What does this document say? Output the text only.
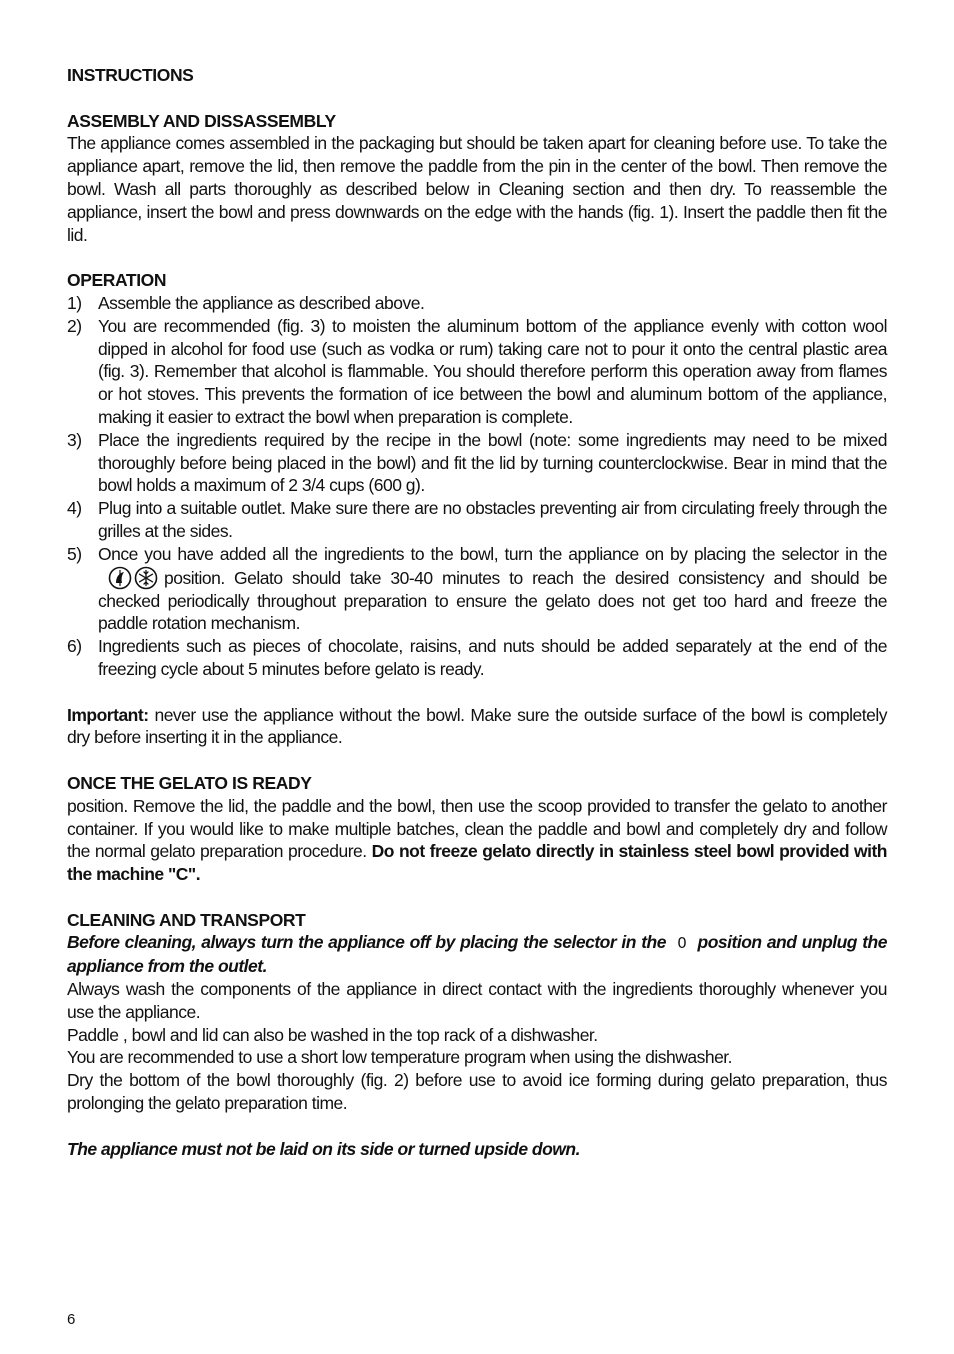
INSTRUCTIONS

ASSEMBLY AND DISSASSEMBLY

The appliance comes assembled in the packaging but should be taken apart for cleaning before use. To take the appliance apart, remove the lid, then remove the paddle from the pin in the center of the bowl. Then remove the bowl. Wash all parts thoroughly as described below in Cleaning section and then dry. To reassemble the appliance, insert the bowl and press downwards on the edge with the hands (fig. 1). Insert the paddle then fit the lid.

OPERATION

1) Assemble the appliance as described above.
2) You are recommended (fig. 3) to moisten the aluminum bottom of the appliance evenly with cotton wool dipped in alcohol for food use (such as vodka or rum) taking care not to pour it onto the central plastic area (fig. 3). Remember that alcohol is flammable. You should therefore perform this operation away from flames or hot stoves. This prevents the formation of ice between the bowl and aluminum bottom of the appliance, making it easier to extract the bowl when preparation is complete.
3) Place the ingredients required by the recipe in the bowl (note: some ingredients may need to be mixed thoroughly before being placed in the bowl) and fit the lid by turning counterclockwise. Bear in mind that the bowl holds a maximum of 2 3/4 cups (600 g).
4) Plug into a suitable outlet. Make sure there are no obstacles preventing air from circulating freely through the grilles at the sides.
5) Once you have added all the ingredients to the bowl, turn the appliance on by placing the selector in the
position. Gelato should take 30-40 minutes to reach the desired consistency and should be checked periodically throughout preparation to ensure the gelato does not get too hard and freeze the paddle rotation mechanism.
6) Ingredients such as pieces of chocolate, raisins, and nuts should be added separately at the end of the freezing cycle about 5 minutes before gelato is ready.

Important: never use the appliance without the bowl. Make sure the outside surface of the bowl is completely dry before inserting it in the appliance.

ONCE THE GELATO IS READY

position. Remove the lid, the paddle and the bowl, then use the scoop provided to transfer the gelato to another container. If you would like to make multiple batches, clean the paddle and bowl and completely dry and follow the normal gelato preparation procedure. Do not freeze gelato directly in stainless steel bowl provided with the machine "C".

CLEANING AND TRANSPORT

Before cleaning, always turn the appliance off by placing the selector in the 0 position and unplug the appliance from the outlet.

Always wash the components of the appliance in direct contact with the ingredients thoroughly whenever you use the appliance.

Paddle , bowl and lid can also be washed in the top rack of a dishwasher.

You are recommended to use a short low temperature program when using the dishwasher.

Dry the bottom of the bowl thoroughly (fig. 2) before use to avoid ice forming during gelato preparation, thus prolonging the gelato preparation time.

The appliance must not be laid on its side or turned upside down.

6
